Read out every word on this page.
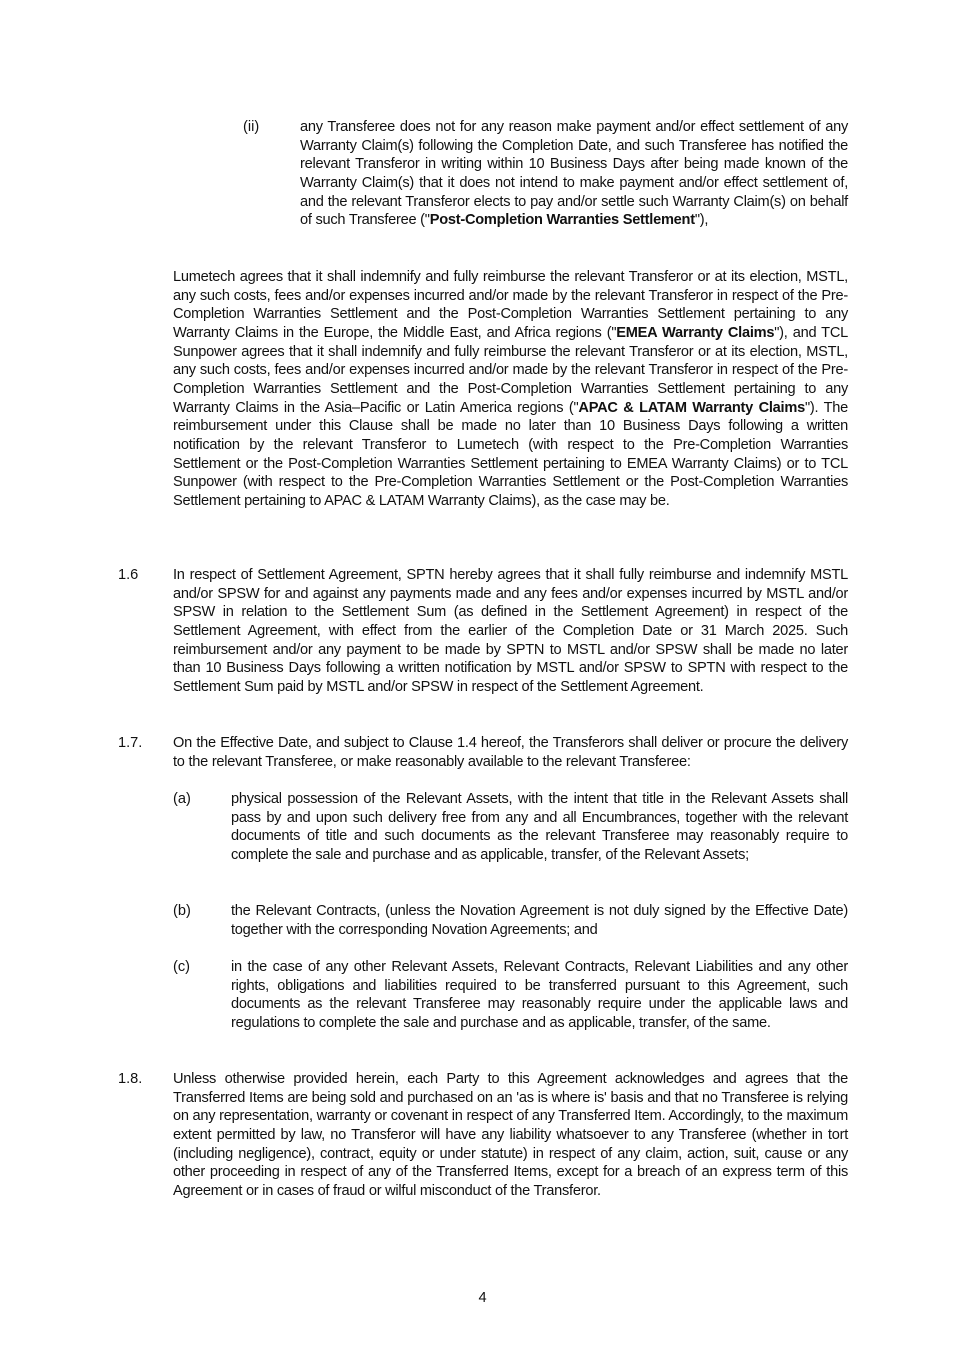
(ii)	any Transferee does not for any reason make payment and/or effect settlement of any Warranty Claim(s) following the Completion Date, and such Transferee has notified the relevant Transferor in writing within 10 Business Days after being made known of the Warranty Claim(s) that it does not intend to make payment and/or effect settlement of, and the relevant Transferor elects to pay and/or settle such Warranty Claim(s) on behalf of such Transferee ("Post-Completion Warranties Settlement"),
Lumetech agrees that it shall indemnify and fully reimburse the relevant Transferor or at its election, MSTL, any such costs, fees and/or expenses incurred and/or made by the relevant Transferor in respect of the Pre-Completion Warranties Settlement and the Post-Completion Warranties Settlement pertaining to any Warranty Claims in the Europe, the Middle East, and Africa regions ("EMEA Warranty Claims"), and TCL Sunpower agrees that it shall indemnify and fully reimburse the relevant Transferor or at its election, MSTL, any such costs, fees and/or expenses incurred and/or made by the relevant Transferor in respect of the Pre-Completion Warranties Settlement and the Post-Completion Warranties Settlement pertaining to any Warranty Claims in the Asia–Pacific or Latin America regions ("APAC & LATAM Warranty Claims"). The reimbursement under this Clause shall be made no later than 10 Business Days following a written notification by the relevant Transferor to Lumetech (with respect to the Pre-Completion Warranties Settlement or the Post-Completion Warranties Settlement pertaining to EMEA Warranty Claims) or to TCL Sunpower (with respect to the Pre-Completion Warranties Settlement or the Post-Completion Warranties Settlement pertaining to APAC & LATAM Warranty Claims), as the case may be.
1.6 In respect of Settlement Agreement, SPTN hereby agrees that it shall fully reimburse and indemnify MSTL and/or SPSW for and against any payments made and any fees and/or expenses incurred by MSTL and/or SPSW in relation to the Settlement Sum (as defined in the Settlement Agreement) in respect of the Settlement Agreement, with effect from the earlier of the Completion Date or 31 March 2025. Such reimbursement and/or any payment to be made by SPTN to MSTL and/or SPSW shall be made no later than 10 Business Days following a written notification by MSTL and/or SPSW to SPTN with respect to the Settlement Sum paid by MSTL and/or SPSW in respect of the Settlement Agreement.
1.7. On the Effective Date, and subject to Clause 1.4 hereof, the Transferors shall deliver or procure the delivery to the relevant Transferee, or make reasonably available to the relevant Transferee:
(a)	physical possession of the Relevant Assets, with the intent that title in the Relevant Assets shall pass by and upon such delivery free from any and all Encumbrances, together with the relevant documents of title and such documents as the relevant Transferee may reasonably require to complete the sale and purchase and as applicable, transfer, of the Relevant Assets;
(b)	the Relevant Contracts, (unless the Novation Agreement is not duly signed by the Effective Date) together with the corresponding Novation Agreements; and
(c)	in the case of any other Relevant Assets, Relevant Contracts, Relevant Liabilities and any other rights, obligations and liabilities required to be transferred pursuant to this Agreement, such documents as the relevant Transferee may reasonably require under the applicable laws and regulations to complete the sale and purchase and as applicable, transfer, of the same.
1.8. Unless otherwise provided herein, each Party to this Agreement acknowledges and agrees that the Transferred Items are being sold and purchased on an 'as is where is' basis and that no Transferee is relying on any representation, warranty or covenant in respect of any Transferred Item. Accordingly, to the maximum extent permitted by law, no Transferor will have any liability whatsoever to any Transferee (whether in tort (including negligence), contract, equity or under statute) in respect of any claim, action, suit, cause or any other proceeding in respect of any of the Transferred Items, except for a breach of an express term of this Agreement or in cases of fraud or wilful misconduct of the Transferor.
4
